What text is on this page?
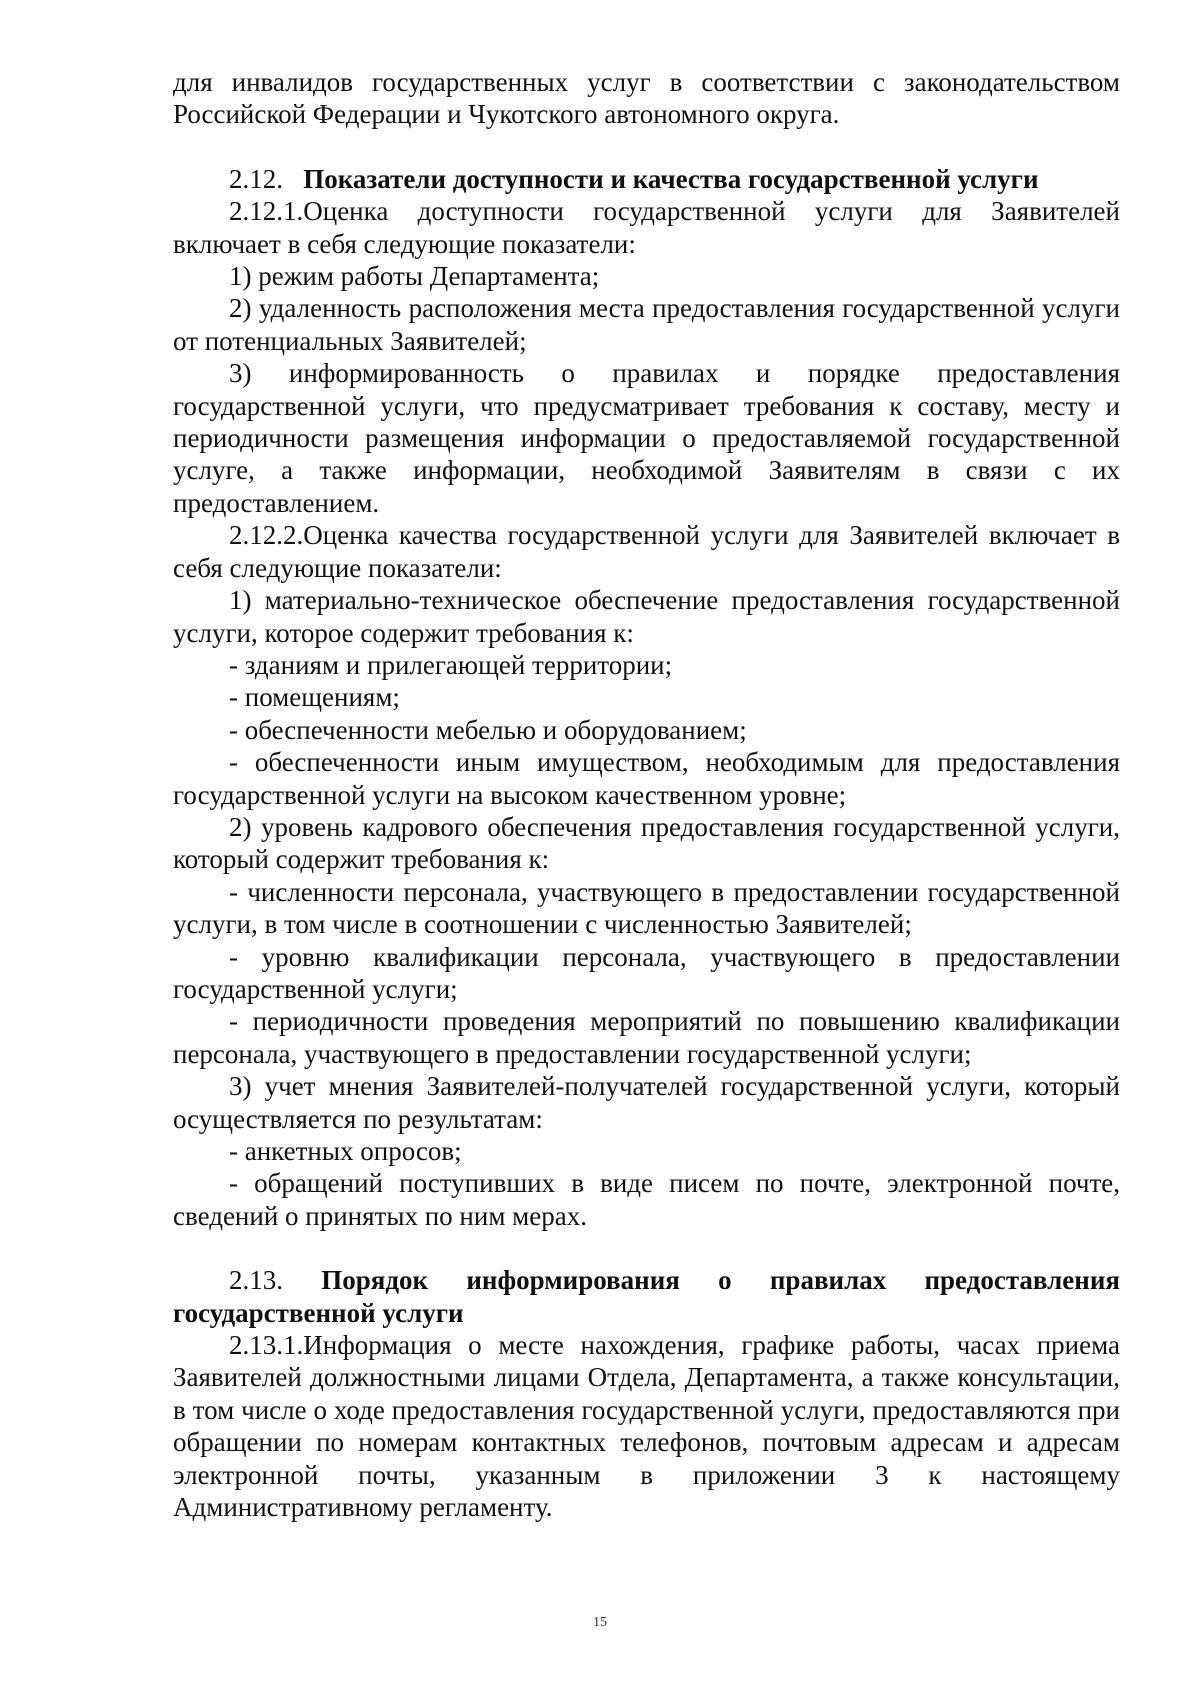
для инвалидов государственных услуг в соответствии с законодательством Российской Федерации и Чукотского автономного округа.

2.12. Показатели доступности и качества государственной услуги

2.12.1.Оценка доступности государственной услуги для Заявителей включает в себя следующие показатели:

1) режим работы Департамента;

2) удаленность расположения места предоставления государственной услуги от потенциальных Заявителей;

3) информированность о правилах и порядке предоставления государственной услуги, что предусматривает требования к составу, месту и периодичности размещения информации о предоставляемой государственной услуге, а также информации, необходимой Заявителям в связи с их предоставлением.

2.12.2.Оценка качества государственной услуги для Заявителей включает в себя следующие показатели:

1) материально-техническое обеспечение предоставления государственной услуги, которое содержит требования к:

- зданиям и прилегающей территории;

- помещениям;

- обеспеченности мебелью и оборудованием;

- обеспеченности иным имуществом, необходимым для предоставления государственной услуги на высоком качественном уровне;

2) уровень кадрового обеспечения предоставления государственной услуги, который содержит требования к:

- численности персонала, участвующего в предоставлении государственной услуги, в том числе в соотношении с численностью Заявителей;

- уровню квалификации персонала, участвующего в предоставлении государственной услуги;

- периодичности проведения мероприятий по повышению квалификации персонала, участвующего в предоставлении государственной услуги;

3) учет мнения Заявителей-получателей государственной услуги, который осуществляется по результатам:

- анкетных опросов;

- обращений поступивших в виде писем по почте, электронной почте, сведений о принятых по ним мерах.

2.13. Порядок информирования о правилах предоставления государственной услуги

2.13.1.Информация о месте нахождения, графике работы, часах приема Заявителей должностными лицами Отдела, Департамента, а также консультации, в том числе о ходе предоставления государственной услуги, предоставляются при обращении по номерам контактных телефонов, почтовым адресам и адресам электронной почты, указанным в приложении 3 к настоящему Административному регламенту.

15
